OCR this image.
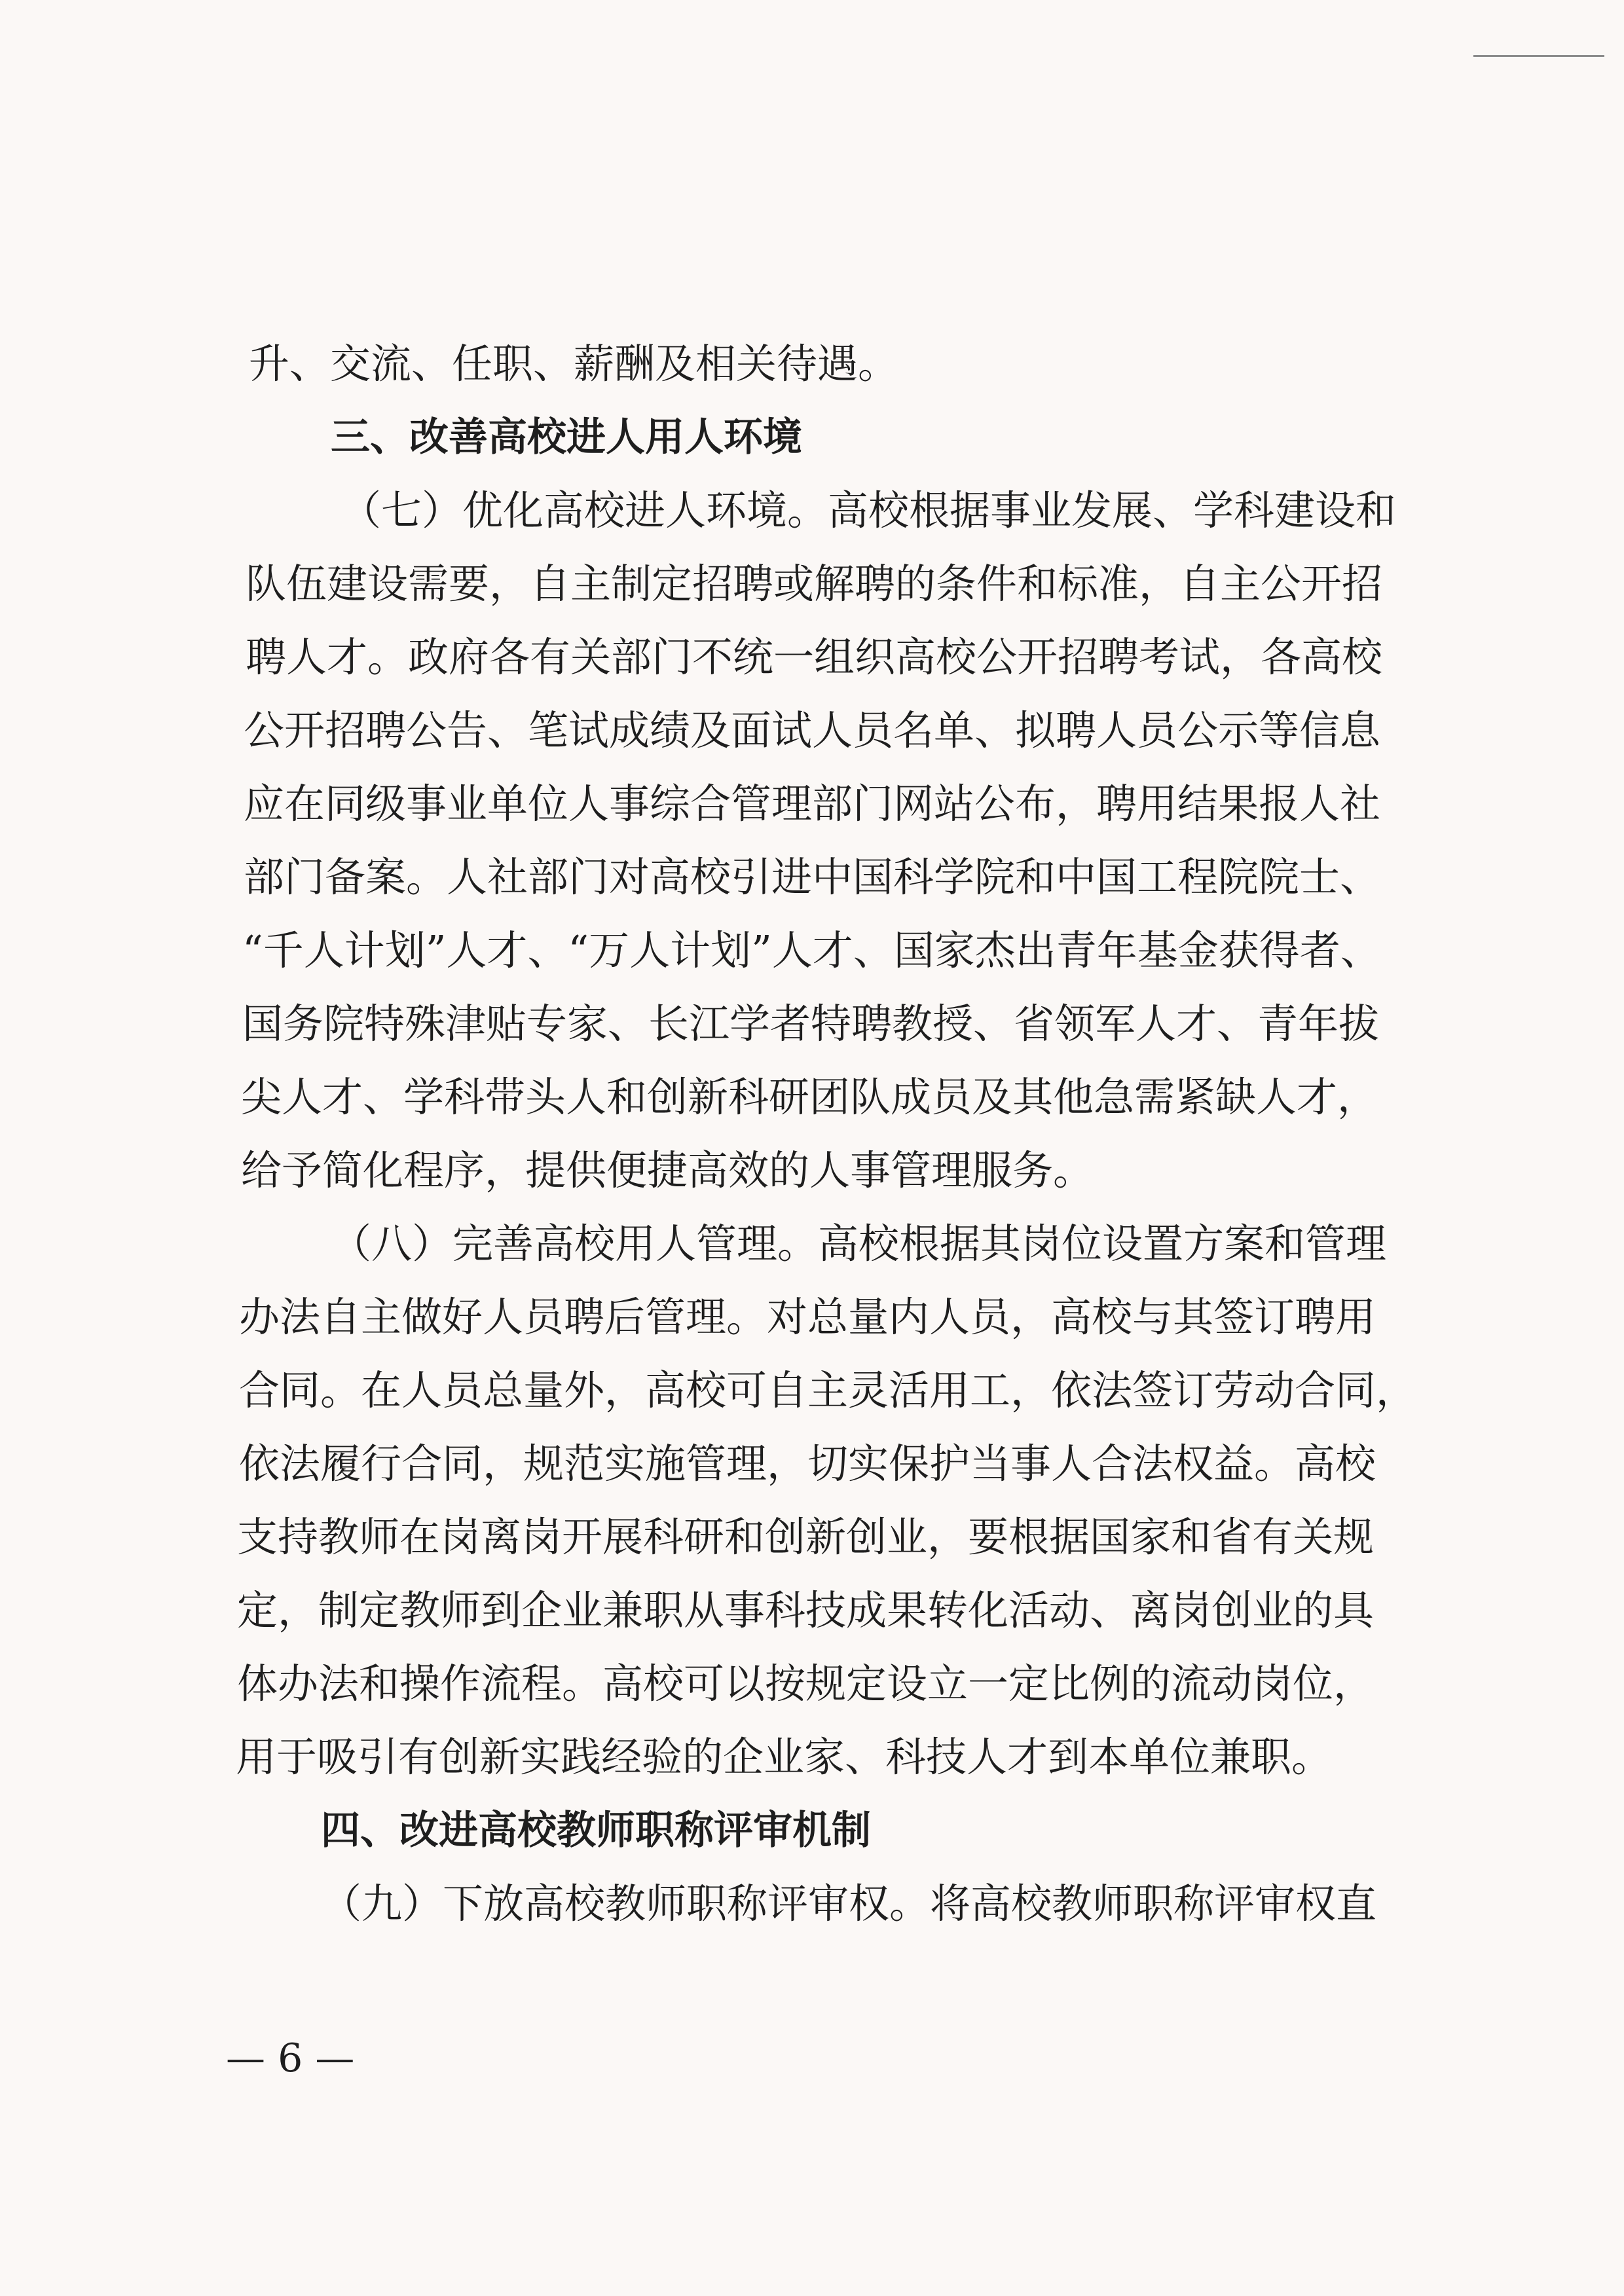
升、交流、任职、薪酬及相关待遇。
三、改善高校进人用人环境
（七）优化高校进人环境。高校根据事业发展、学科建设和
队伍建设需要，自主制定招聘或解聘的条件和标准，自主公开招
聘人才。政府各有关部门不统一组织高校公开招聘考试，各高校
公开招聘公告、笔试成绩及面试人员名单、拟聘人员公示等信息
应在同级事业单位人事综合管理部门网站公布，聘用结果报人社
部门备案。人社部门对高校引进中国科学院和中国工程院院士、
“千人计划”人才、“万人计划”人才、国家杰出青年基金获得者、
国务院特殊津贴专家、长江学者特聘教授、省领军人才、青年拔
尖人才、学科带头人和创新科研团队成员及其他急需紧缺人才，
给予简化程序，提供便捷高效的人事管理服务。
（八）完善高校用人管理。高校根据其岗位设置方案和管理
办法自主做好人员聘后管理。对总量内人员，高校与其签订聘用
合同。在人员总量外，高校可自主灵活用工，依法签订劳动合同，
依法履行合同，规范实施管理，切实保护当事人合法权益。高校
支持教师在岗离岗开展科研和创新创业，要根据国家和省有关规
定，制定教师到企业兼职从事科技成果转化活动、离岗创业的具
体办法和操作流程。高校可以按规定设立一定比例的流动岗位，
用于吸引有创新实践经验的企业家、科技人才到本单位兼职。
四、改进高校教师职称评审机制
（九）下放高校教师职称评审权。将高校教师职称评审权直
— 6 —
